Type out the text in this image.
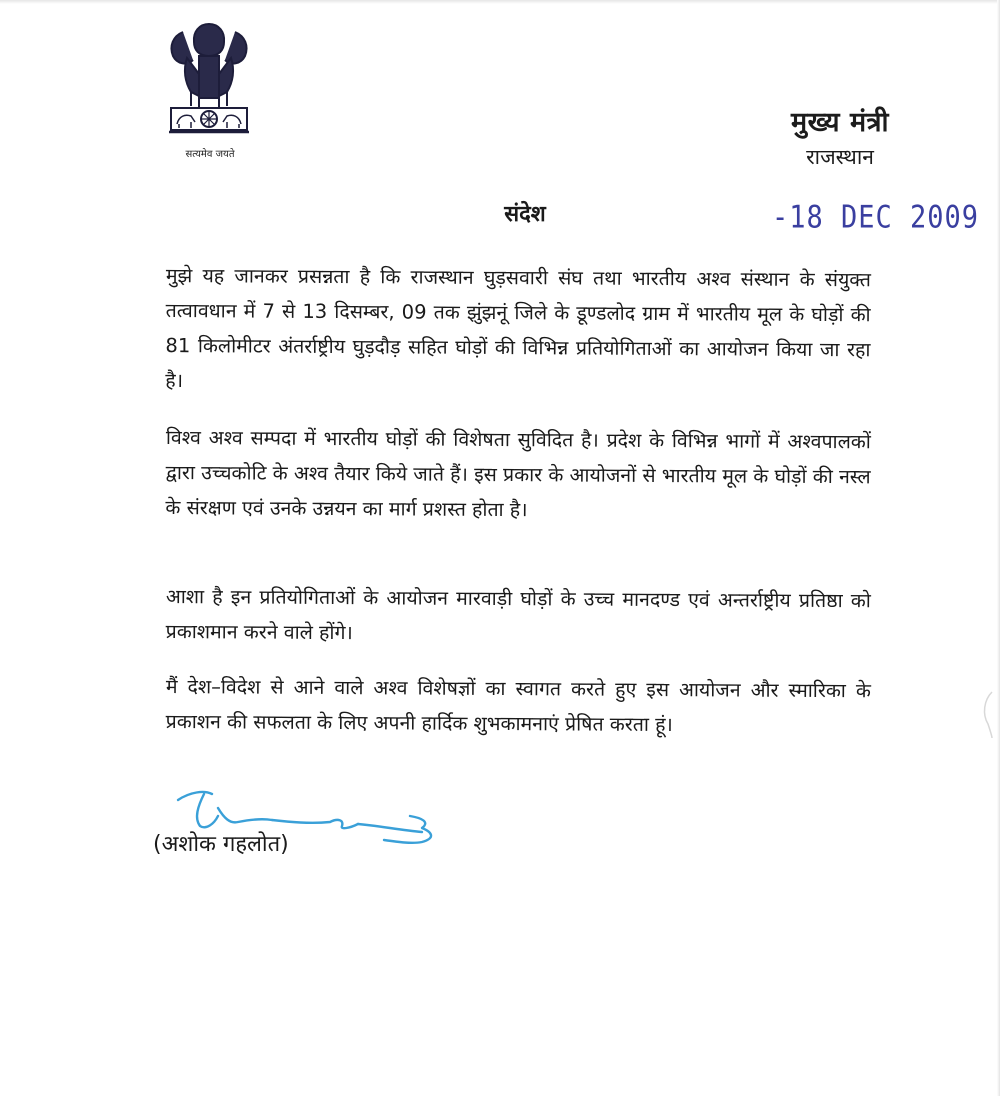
सत्यमेव जयते
मुख्य मंत्री
राजस्थान
संदेश	-18 DEC 2009
मुझे यह जानकर प्रसन्नता है कि राजस्थान घुड़सवारी संघ तथा भारतीय अश्व संस्थान के संयुक्त तत्वावधान में 7 से 13 दिसम्बर, 09 तक झुंझनूं जिले के डूण्डलोद ग्राम में भारतीय मूल के घोड़ों की 81 किलोमीटर अंतर्राष्ट्रीय घुड़दौड़ सहित घोड़ों की विभिन्न प्रतियोगिताओं का आयोजन किया जा रहा है।
विश्व अश्व सम्पदा में भारतीय घोड़ों की विशेषता सुविदित है। प्रदेश के विभिन्न भागों में अश्वपालकों द्वारा उच्चकोटि के अश्व तैयार किये जाते हैं। इस प्रकार के आयोजनों से भारतीय मूल के घोड़ों की नस्ल के संरक्षण एवं उनके उन्नयन का मार्ग प्रशस्त होता है।
आशा है इन प्रतियोगिताओं के आयोजन मारवाड़ी घोड़ों के उच्च मानदण्ड एवं अन्तर्राष्ट्रीय प्रतिष्ठा को प्रकाशमान करने वाले होंगे।
मैं देश–विदेश से आने वाले अश्व विशेषज्ञों का स्वागत करते हुए इस आयोजन और स्मारिका के प्रकाशन की सफलता के लिए अपनी हार्दिक शुभकामनाएं प्रेषित करता हूं।
(अशोक गहलोत)
